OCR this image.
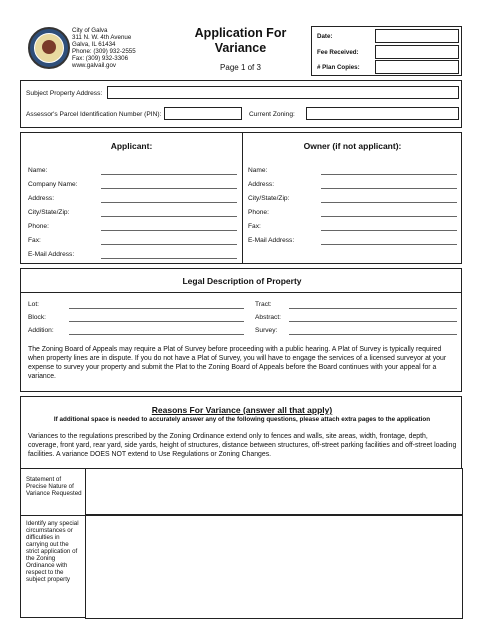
City of Galva
311 N. W. 4th Avenue
Galva, IL 61434
Phone: (309) 932-2555
Fax: (309) 932-3306
www.galvail.gov
Application For
Variance
Page 1 of 3
Date:
Fee Received:
# Plan Copies:
Subject Property Address:
Assessor's Parcel Identification Number (PIN):	Current Zoning:
Applicant:
Name:
Company Name:
Address:
City/State/Zip:
Phone:
Fax:
E-Mail Address:
Owner (if not applicant):
Name:
Address:
City/State/Zip:
Phone:
Fax:
E-Mail Address:
Legal Description of Property
Lot:
Block:
Addition:
Tract:
Abstract:
Survey:
The Zoning Board of Appeals may require a Plat of Survey before proceeding with a public hearing. A Plat of Survey is typically required when property lines are in dispute. If you do not have a Plat of Survey, you will have to engage the services of a licensed surveyor at your expense to survey your property and submit the Plat to the Zoning Board of Appeals before the Board continues with your appeal for a variance.
Reasons For Variance (answer all that apply)
If additional space is needed to accurately answer any of the following questions, please attach extra pages to the application
Variances to the regulations prescribed by the Zoning Ordinance extend only to fences and walls, site areas, width, frontage, depth, coverage, front yard, rear yard, side yards, height of structures, distance between structures, off-street parking facilities and off-street loading facilities. A variance DOES NOT extend to Use Regulations or Zoning Changes.
Statement of Precise Nature of Variance Requested
Identify any special circumstances or difficulties in carrying out the strict application of the Zoning Ordinance with respect to the subject property
